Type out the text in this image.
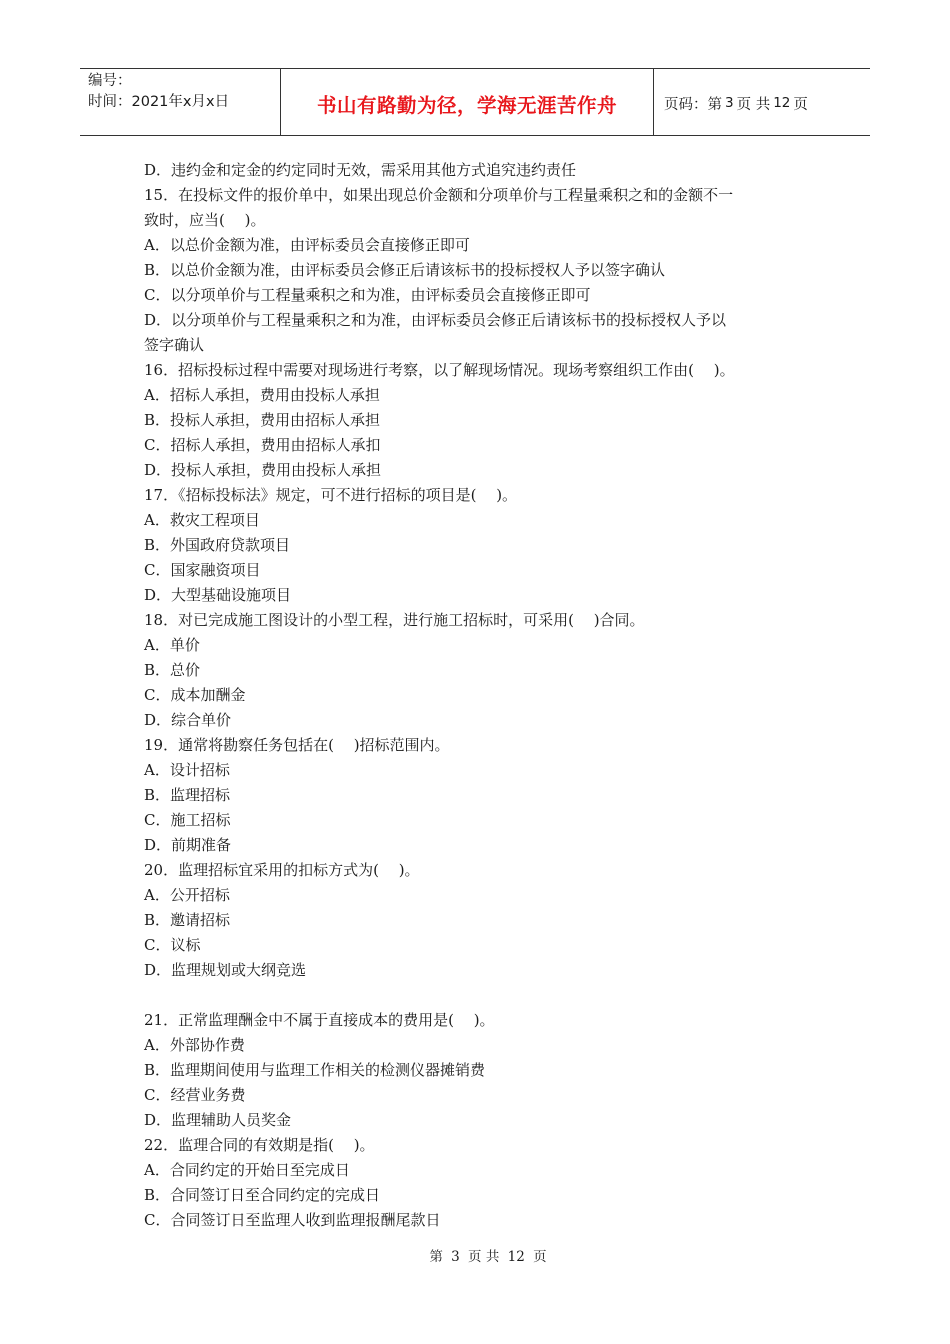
编号：
时间：2021年x月x日	书山有路勤为径，学海无涯苦作舟	页码：第 3 页 共 12 页
D．违约金和定金的约定同时无效，需采用其他方式追究违约责任
15．在投标文件的报价单中，如果出现总价金额和分项单价与工程量乘积之和的金额不一
致时，应当(　 )。
A．以总价金额为准，由评标委员会直接修正即可
B．以总价金额为准，由评标委员会修正后请该标书的投标授权人予以签字确认
C．以分项单价与工程量乘积之和为准，由评标委员会直接修正即可
D．以分项单价与工程量乘积之和为准，由评标委员会修正后请该标书的投标授权人予以
签字确认
16．招标投标过程中需要对现场进行考察，以了解现场情况。现场考察组织工作由(　 )。
A．招标人承担，费用由投标人承担
B．投标人承担，费用由招标人承担
C．招标人承担，费用由招标人承扣
D．投标人承担，费用由投标人承担
17．《招标投标法》规定，可不进行招标的项目是(　 )。
A．救灾工程项目
B．外国政府贷款项目
C．国家融资项目
D．大型基础设施项目
18．对已完成施工图设计的小型工程，进行施工招标时，可采用(　 )合同。
A．单价
B．总价
C．成本加酬金
D．综合单价
19．通常将勘察任务包括在(　 )招标范围内。
A．设计招标
B．监理招标
C．施工招标
D．前期准备
20．监理招标宜采用的扣标方式为(　 )。
A．公开招标
B．邀请招标
C．议标
D．监理规划或大纲竞选
21．正常监理酬金中不属于直接成本的费用是(　 )。
A．外部协作费
B．监理期间使用与监理工作相关的检测仪器摊销费
C．经营业务费
D．监理辅助人员奖金
22．监理合同的有效期是指(　 )。
A．合同约定的开始日至完成日
B．合同签订日至合同约定的完成日
C．合同签订日至监理人收到监理报酬尾款日
第 3 页 共 12 页
